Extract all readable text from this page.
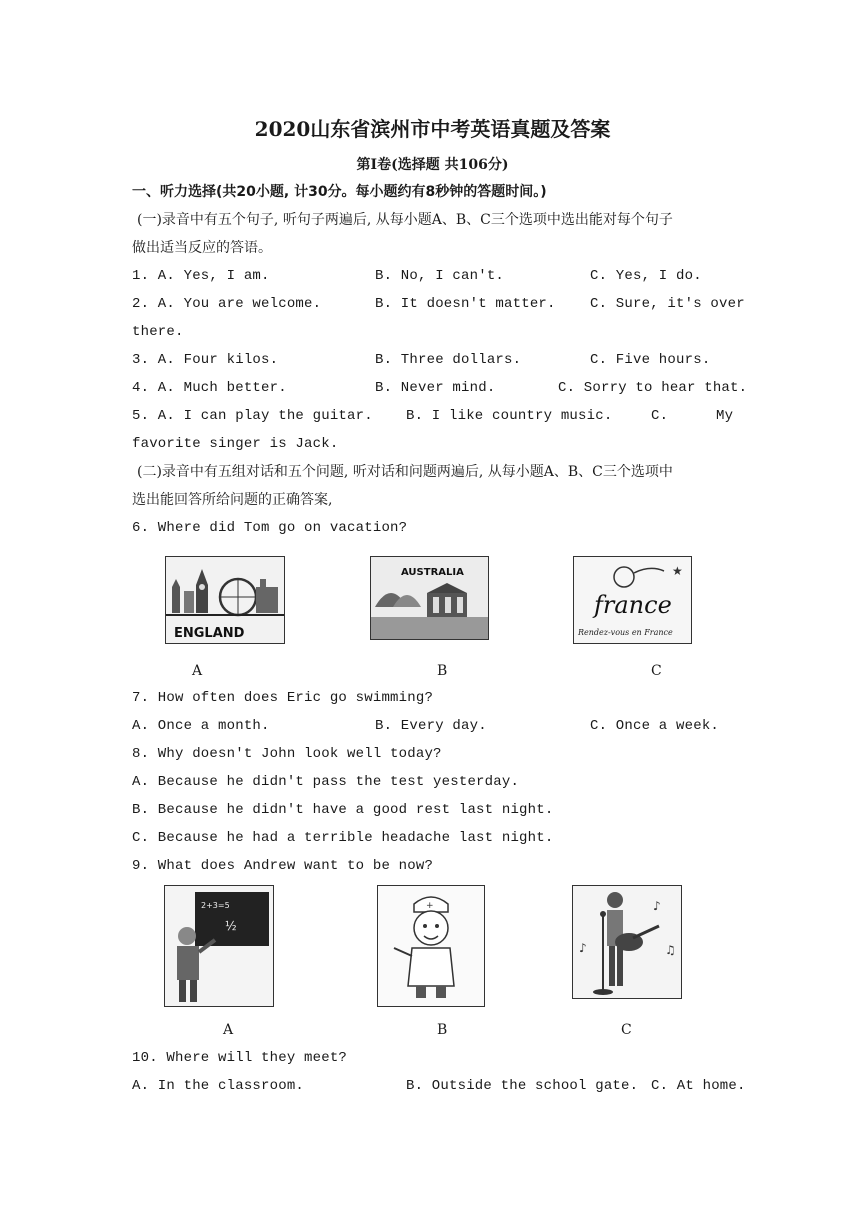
2020山东省滨州市中考英语真题及答案
第Ⅰ卷(选择题 共106分)
一、听力选择(共20小题, 计30分。每小题约有8秒钟的答题时间。)
(一)录音中有五个句子, 听句子两遍后, 从每小题A、B、C三个选项中选出能对每个句子
做出适当反应的答语。
1. A. Yes, I am.	B. No, I can't.	C. Yes, I do.
2. A. You are welcome.	B. It doesn't matter. C. Sure, it's over
there.
3. A. Four kilos.	B. Three dollars.	C. Five hours.
4. A. Much better.	B. Never mind.	C. Sorry to hear that.
5. A. I can play the guitar. B. I like country music.	C.	My
favorite singer is Jack.
(二)录音中有五组对话和五个问题, 听对话和问题两遍后, 从每小题A、B、C三个选项中
选出能回答所给问题的正确答案,
6. Where did Tom go on vacation?
ENGLAND
AUSTRALIA	★
france
Rendez-vous en France
A	B	C
7. How often does Eric go swimming?
A. Once a month.	B. Every day.	C. Once a week.
8. Why doesn't John look well today?
A. Because he didn't pass the test yesterday.
B. Because he didn't have a good rest last night.
C. Because he had a terrible headache last night.
9. What does Andrew want to be now?
2+3=5
½
+	♪
♫
♪
A	B	C
10. Where will they meet?
A. In the classroom.	B. Outside the school gate. C. At home.
